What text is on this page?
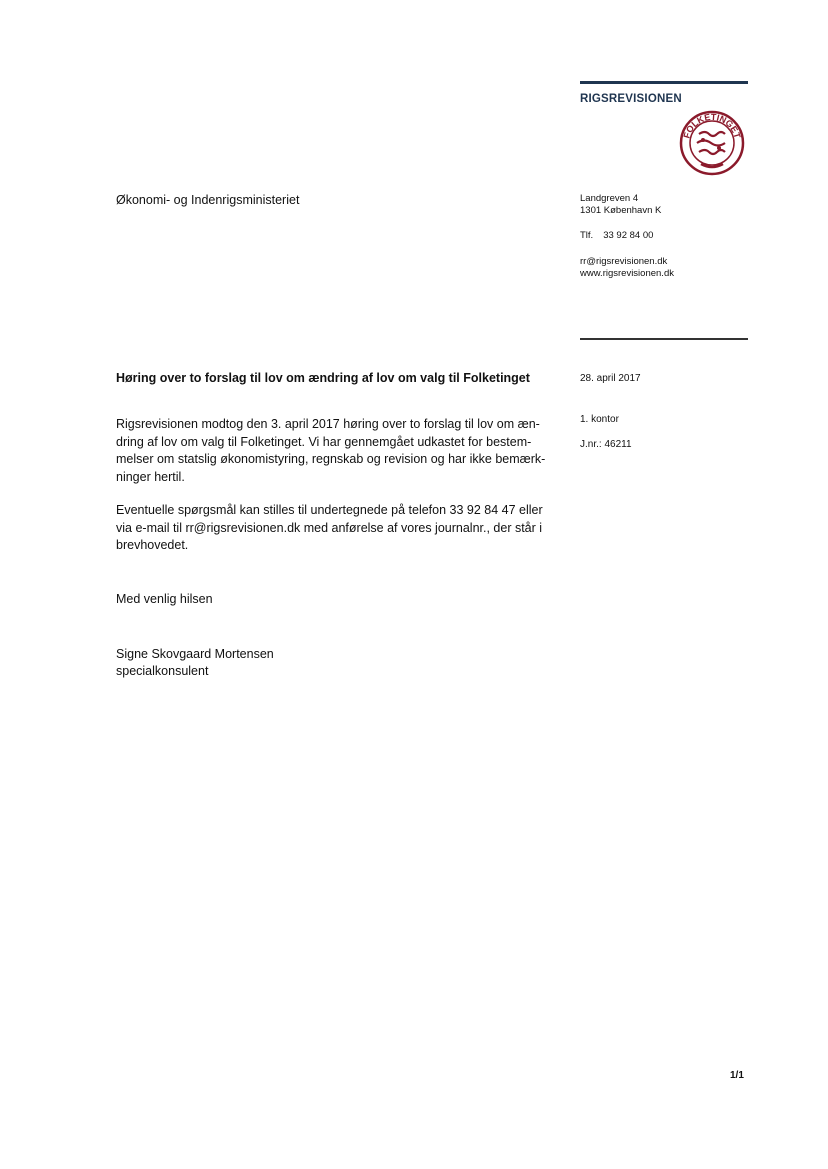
RIGSREVISIONEN
FOLKETINGET
Økonomi- og Indenrigsministeriet	Landgreven 4
1301 København K
Tlf. 33 92 84 00
rr@rigsrevisionen.dk
www.rigsrevisionen.dk
Høring over to forslag til lov om ændring af lov om valg til Folketinget	28. april 2017
1. kontor
J.nr.: 46211
Rigsrevisionen modtog den 3. april 2017 høring over to forslag til lov om æn-
dring af lov om valg til Folketinget. Vi har gennemgået udkastet for bestem-
melser om statslig økonomistyring, regnskab og revision og har ikke bemærk-
ninger hertil.
Eventuelle spørgsmål kan stilles til undertegnede på telefon 33 92 84 47 eller
via e-mail til rr@rigsrevisionen.dk med anførelse af vores journalnr., der står i
brevhovedet.
Med venlig hilsen
Signe Skovgaard Mortensen
specialkonsulent
1/1
